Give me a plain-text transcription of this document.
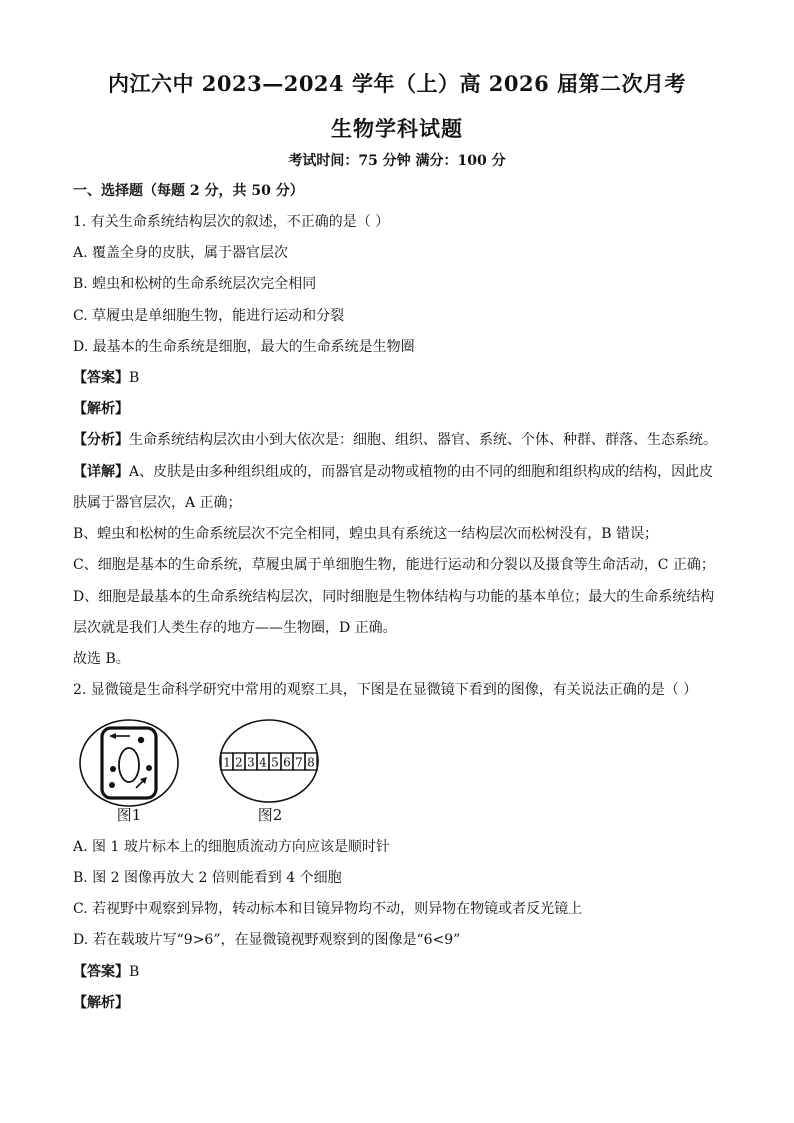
内江六中 2023—2024 学年（上）高 2026 届第二次月考
生物学科试题
考试时间：75 分钟 满分：100 分
一、选择题（每题 2 分，共 50 分）
1. 有关生命系统结构层次的叙述，不正确的是（ ）
A. 覆盖全身的皮肤，属于器官层次
B. 蝗虫和松树的生命系统层次完全相同
C. 草履虫是单细胞生物，能进行运动和分裂
D. 最基本的生命系统是细胞，最大的生命系统是生物圈
【答案】B
【解析】
【分析】生命系统结构层次由小到大依次是：细胞、组织、器官、系统、个体、种群、群落、生态系统。
【详解】A、皮肤是由多种组织组成的，而器官是动物或植物的由不同的细胞和组织构成的结构，因此皮
肤属于器官层次，A 正确；
B、蝗虫和松树的生命系统层次不完全相同，蝗虫具有系统这一结构层次而松树没有，B 错误；
C、细胞是基本的生命系统，草履虫属于单细胞生物，能进行运动和分裂以及摄食等生命活动，C 正确；
D、细胞是最基本的生命系统结构层次，同时细胞是生物体结构与功能的基本单位；最大的生命系统结构
层次就是我们人类生存的地方——生物圈，D 正确。
故选 B。
2. 显微镜是生命科学研究中常用的观察工具，下图是在显微镜下看到的图像，有关说法正确的是（ ）
图1
1 2 3 4 5 6 7 8
图2
A. 图 1 玻片标本上的细胞质流动方向应该是顺时针
B. 图 2 图像再放大 2 倍则能看到 4 个细胞
C. 若视野中观察到异物，转动标本和目镜异物均不动，则异物在物镜或者反光镜上
D. 若在载玻片写“9>6”，在显微镜视野观察到的图像是“6<9”
【答案】B
【解析】
